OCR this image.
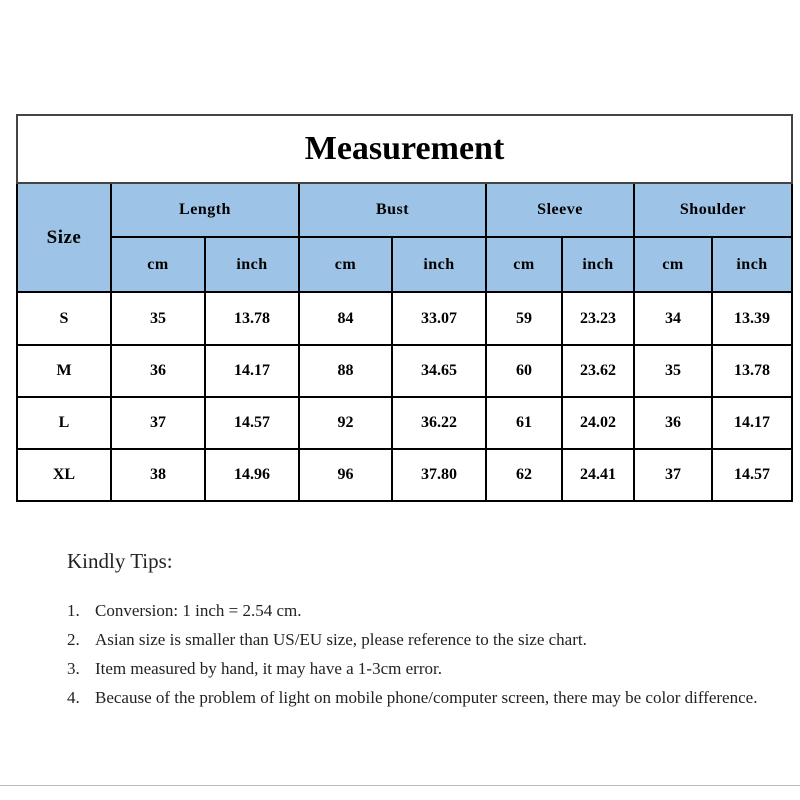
Measurement								
Size	Length		Bust		Sleeve		Shoulder	
	cm	inch	cm	inch	cm	inch	cm	inch
S	35	13.78	84	33.07	59	23.23	34	13.39
M	36	14.17	88	34.65	60	23.62	35	13.78
L	37	14.57	92	36.22	61	24.02	36	14.17
XL	38	14.96	96	37.80	62	24.41	37	14.57
Kindly Tips:
1. Conversion: 1 inch = 2.54 cm.
2. Asian size is smaller than US/EU size, please reference to the size chart.
3. Item measured by hand, it may have a 1-3cm error.
4. Because of the problem of light on mobile phone/computer screen, there may be color difference.
